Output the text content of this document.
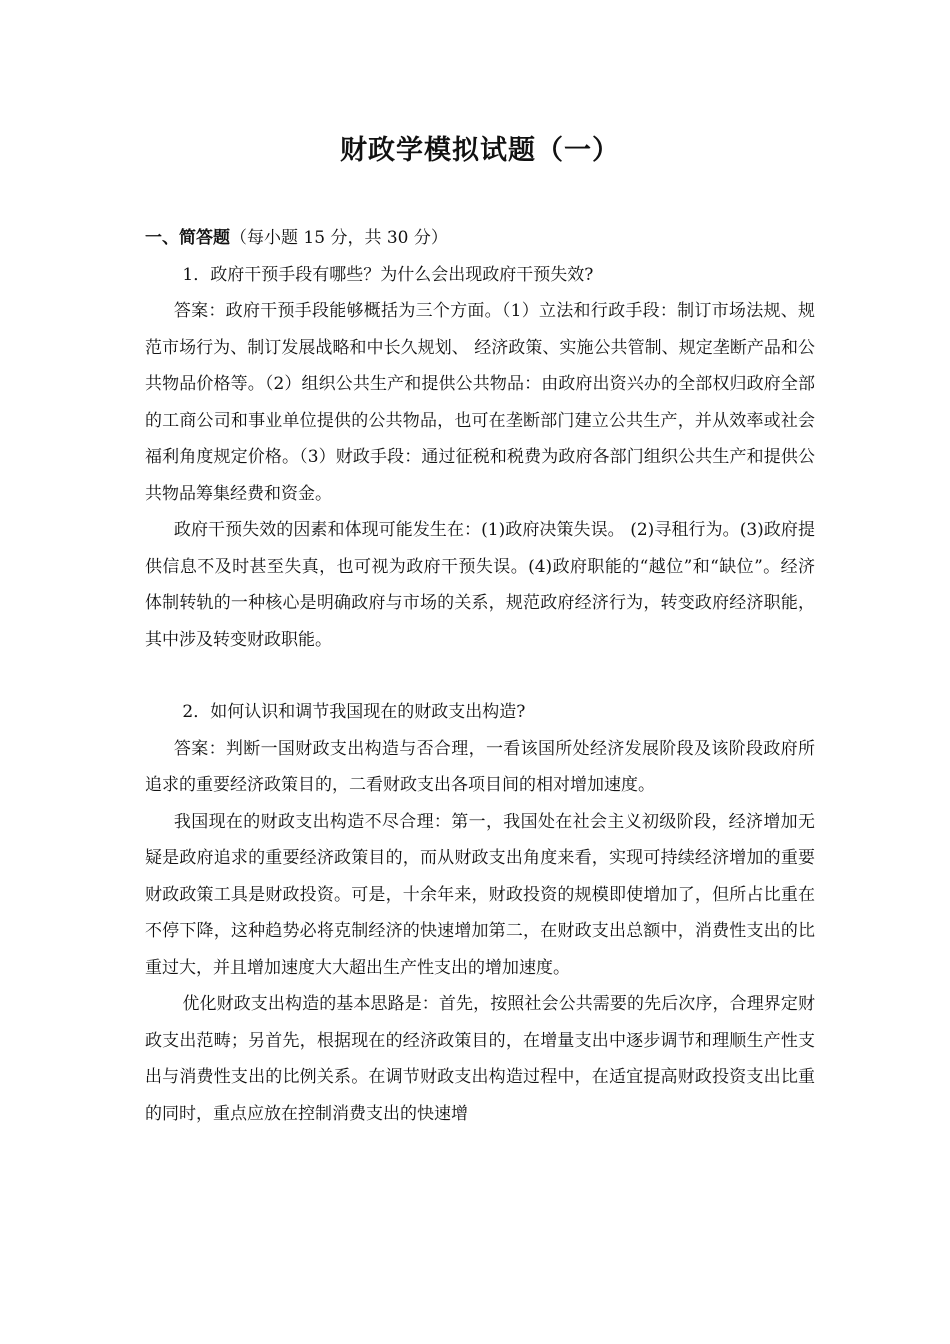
财政学模拟试题（一）

一、简答题（每小题 15 分，共 30 分）

1．政府干预手段有哪些？为什么会出现政府干预失效?

答案：政府干预手段能够概括为三个方面。（1）立法和行政手段：制订市场法规、规范市场行为、制订发展战略和中长久规划、 经济政策、实施公共管制、规定垄断产品和公共物品价格等。（2）组织公共生产和提供公共物品：由政府出资兴办的全部权归政府全部的工商公司和事业单位提供的公共物品，也可在垄断部门建立公共生产，并从效率或社会福利角度规定价格。（3）财政手段：通过征税和税费为政府各部门组织公共生产和提供公共物品筹集经费和资金。

政府干预失效的因素和体现可能发生在：(1)政府决策失误。 (2)寻租行为。(3)政府提供信息不及时甚至失真，也可视为政府干预失误。(4)政府职能的“越位”和“缺位”。经济体制转轨的一种核心是明确政府与市场的关系，规范政府经济行为，转变政府经济职能，其中涉及转变财政职能。

2．如何认识和调节我国现在的财政支出构造?

答案：判断一国财政支出构造与否合理，一看该国所处经济发展阶段及该阶段政府所追求的重要经济政策目的，二看财政支出各项目间的相对增加速度。

我国现在的财政支出构造不尽合理：第一，我国处在社会主义初级阶段，经济增加无疑是政府追求的重要经济政策目的，而从财政支出角度来看，实现可持续经济增加的重要财政政策工具是财政投资。可是，十余年来，财政投资的规模即使增加了，但所占比重在不停下降，这种趋势必将克制经济的快速增加第二，在财政支出总额中，消费性支出的比重过大，并且增加速度大大超出生产性支出的增加速度。

优化财政支出构造的基本思路是：首先，按照社会公共需要的先后次序，合理界定财政支出范畴；另首先，根据现在的经济政策目的，在增量支出中逐步调节和理顺生产性支出与消费性支出的比例关系。在调节财政支出构造过程中，在适宜提高财政投资支出比重的同时，重点应放在控制消费支出的快速增
